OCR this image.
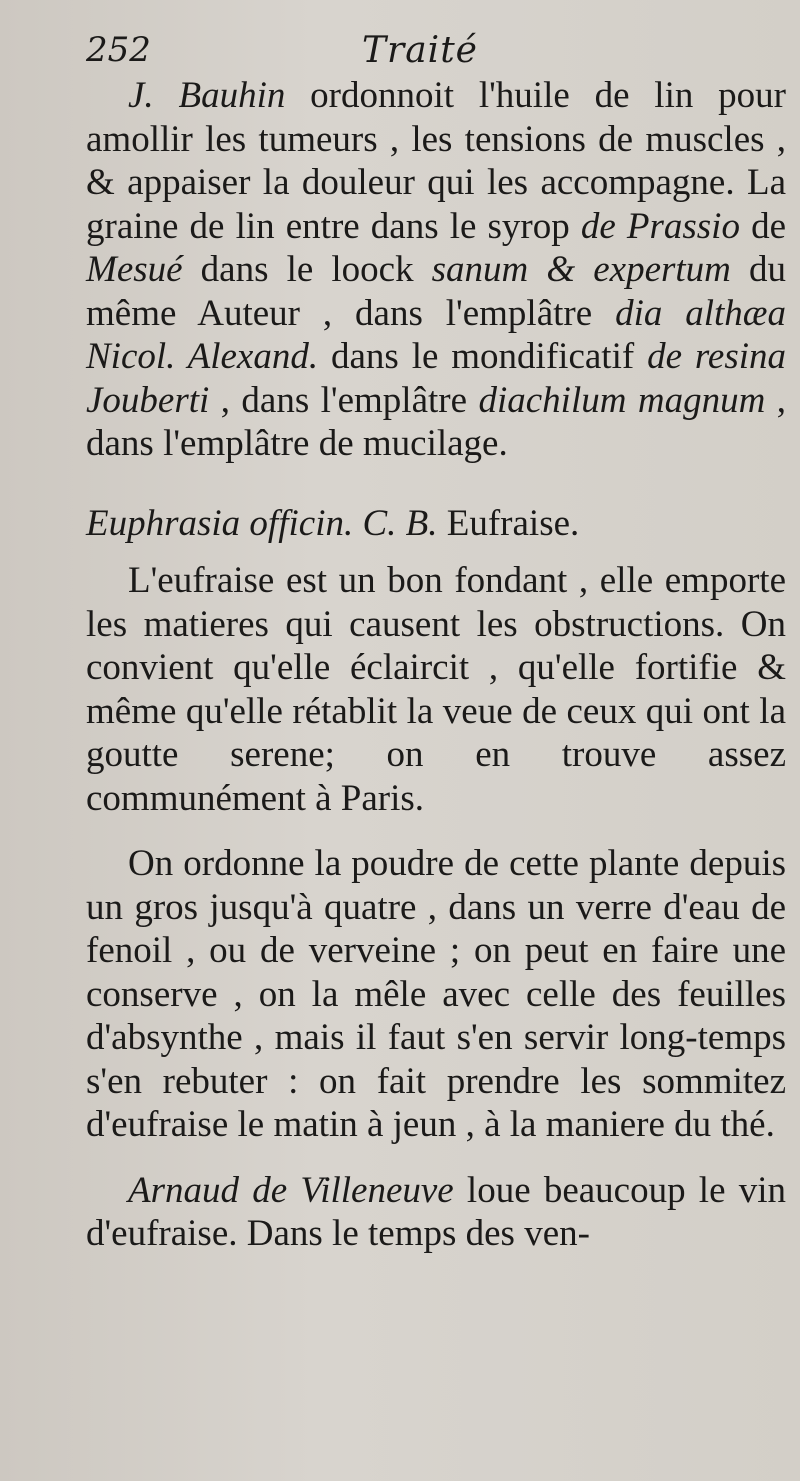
252	Traité

J. Bauhin ordonnoit l'huile de lin pour amollir les tumeurs , les tensions de muscles , & appaiser la douleur qui les accompagne. La graine de lin entre dans le syrop de Prassio de Mesué dans le loock sanum & expertum du même Auteur , dans l'emplâtre dia althæa Nicol. Alexand. dans le mondificatif de resina Jouberti , dans l'emplâtre diachilum magnum , dans l'emplâtre de mucilage.

Euphrasia officin. C. B. Eufraise.

L'eufraise est un bon fondant , elle emporte les matieres qui causent les obstructions. On convient qu'elle éclaircit , qu'elle fortifie & même qu'elle rétablit la veue de ceux qui ont la goutte serene; on en trouve assez communément à Paris.

On ordonne la poudre de cette plante depuis un gros jusqu'à quatre , dans un verre d'eau de fenoil , ou de verveine ; on peut en faire une conserve , on la mêle avec celle des feuilles d'absynthe , mais il faut s'en servir long-temps s'en rebuter : on fait prendre les sommitez d'eufraise le matin à jeun , à la maniere du thé.

Arnaud de Villeneuve loue beaucoup le vin d'eufraise. Dans le temps des ven-
